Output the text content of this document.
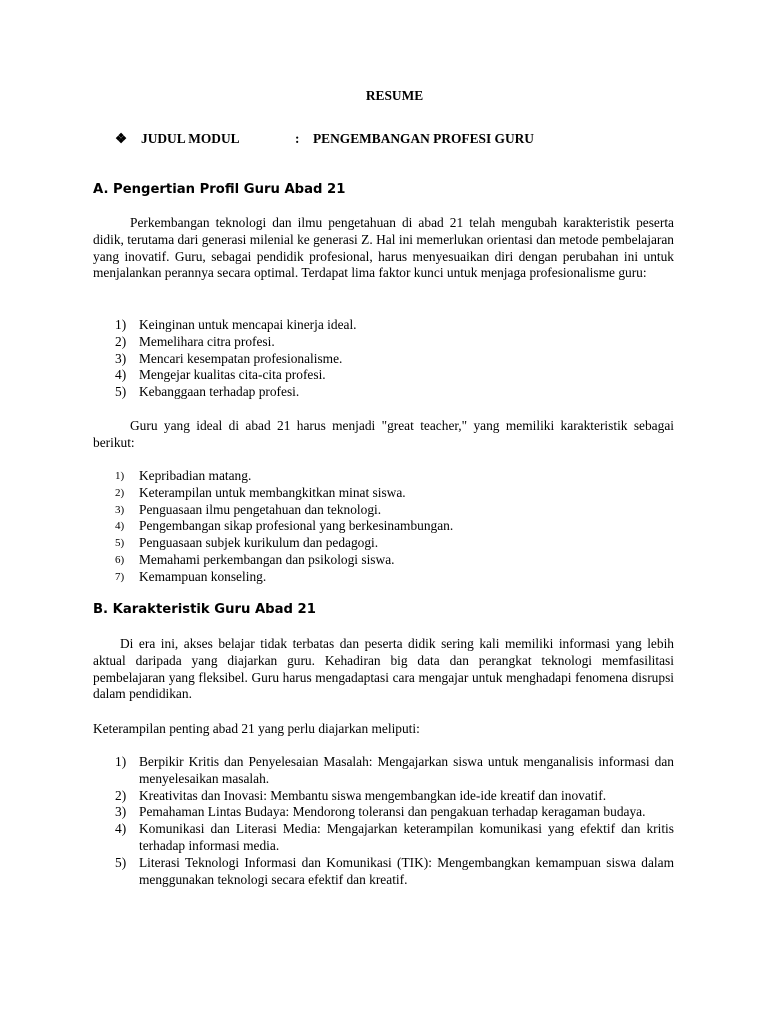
RESUME
❖ JUDUL MODUL	: PENGEMBANGAN PROFESI GURU
A. Pengertian Profil Guru Abad 21
Perkembangan teknologi dan ilmu pengetahuan di abad 21 telah mengubah karakteristik peserta didik, terutama dari generasi milenial ke generasi Z. Hal ini memerlukan orientasi dan metode pembelajaran yang inovatif. Guru, sebagai pendidik profesional, harus menyesuaikan diri dengan perubahan ini untuk menjalankan perannya secara optimal. Terdapat lima faktor kunci untuk menjaga profesionalisme guru:
1) Keinginan untuk mencapai kinerja ideal.
2) Memelihara citra profesi.
3) Mencari kesempatan profesionalisme.
4) Mengejar kualitas cita-cita profesi.
5) Kebanggaan terhadap profesi.
Guru yang ideal di abad 21 harus menjadi "great teacher," yang memiliki karakteristik sebagai berikut:
1) Kepribadian matang.
2) Keterampilan untuk membangkitkan minat siswa.
3) Penguasaan ilmu pengetahuan dan teknologi.
4) Pengembangan sikap profesional yang berkesinambungan.
5) Penguasaan subjek kurikulum dan pedagogi.
6) Memahami perkembangan dan psikologi siswa.
7) Kemampuan konseling.
B. Karakteristik Guru Abad 21
Di era ini, akses belajar tidak terbatas dan peserta didik sering kali memiliki informasi yang lebih aktual daripada yang diajarkan guru. Kehadiran big data dan perangkat teknologi memfasilitasi pembelajaran yang fleksibel. Guru harus mengadaptasi cara mengajar untuk menghadapi fenomena disrupsi dalam pendidikan.
Keterampilan penting abad 21 yang perlu diajarkan meliputi:
1) Berpikir Kritis dan Penyelesaian Masalah: Mengajarkan siswa untuk menganalisis informasi dan menyelesaikan masalah.
2) Kreativitas dan Inovasi: Membantu siswa mengembangkan ide-ide kreatif dan inovatif.
3) Pemahaman Lintas Budaya: Mendorong toleransi dan pengakuan terhadap keragaman budaya.
4) Komunikasi dan Literasi Media: Mengajarkan keterampilan komunikasi yang efektif dan kritis terhadap informasi media.
5) Literasi Teknologi Informasi dan Komunikasi (TIK): Mengembangkan kemampuan siswa dalam menggunakan teknologi secara efektif dan kreatif.
